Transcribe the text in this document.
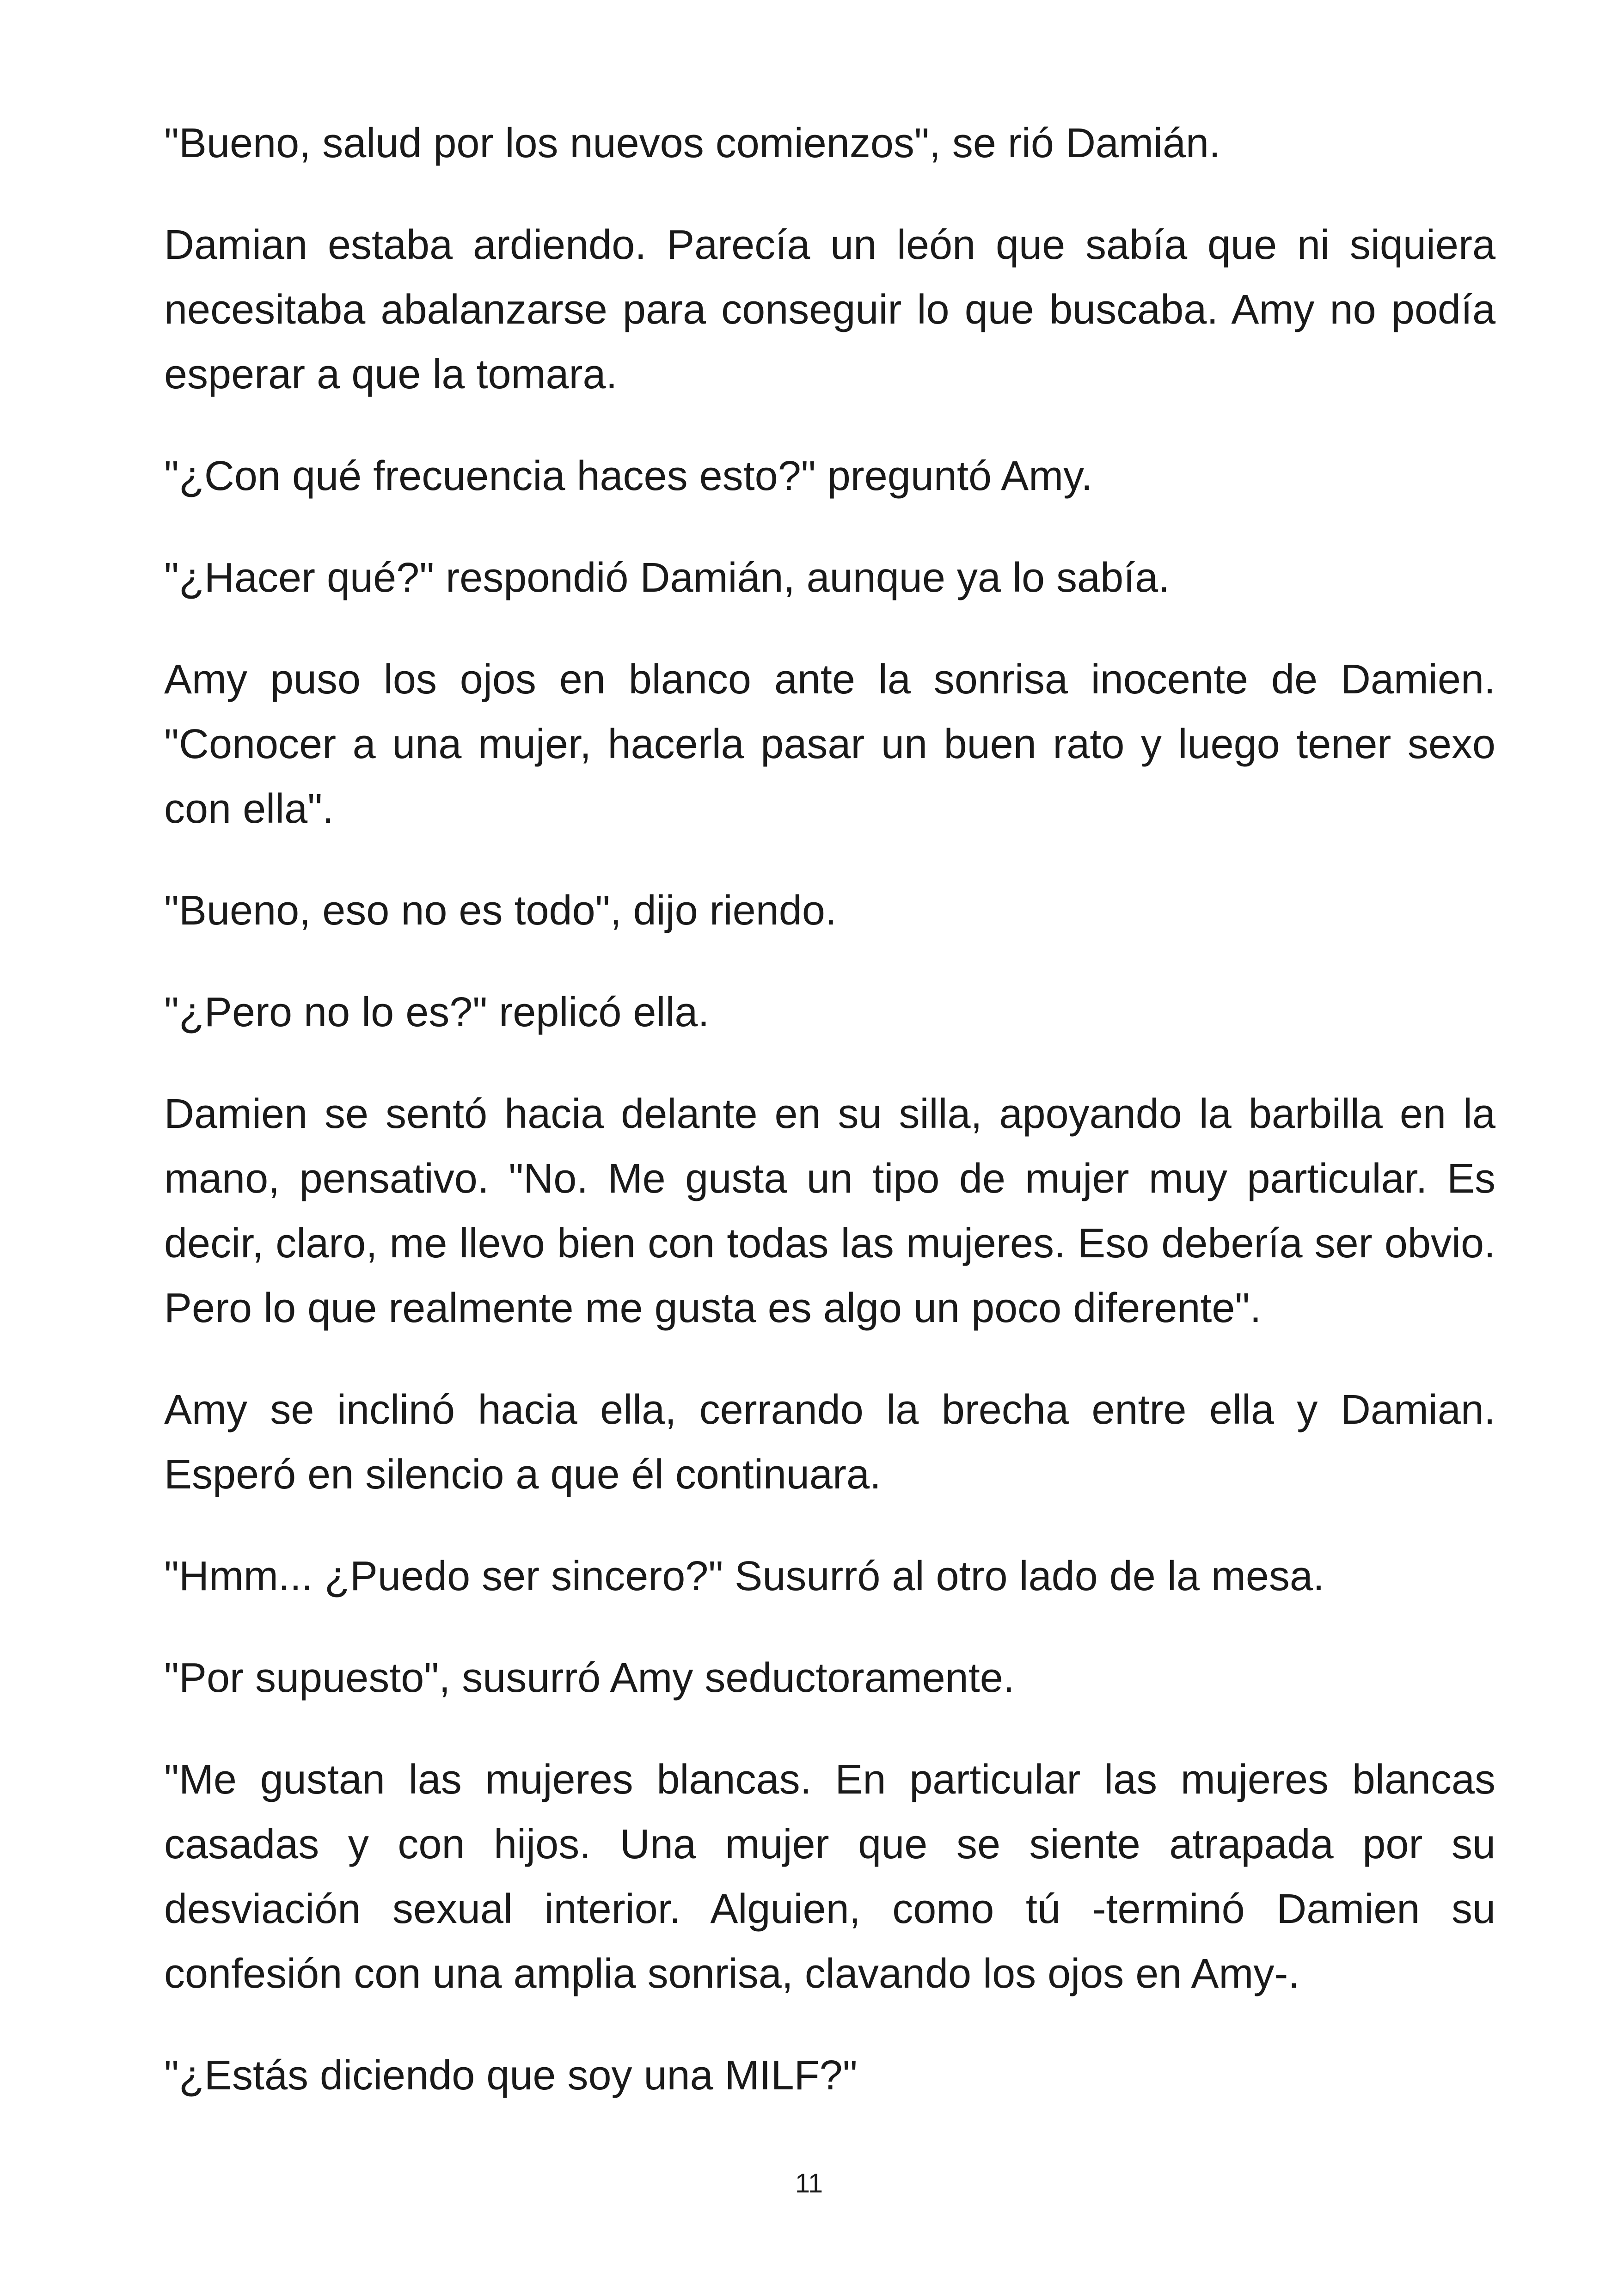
"Bueno, salud por los nuevos comienzos", se rió Damián.

Damian estaba ardiendo. Parecía un león que sabía que ni siquiera necesitaba abalanzarse para conseguir lo que buscaba. Amy no podía esperar a que la tomara.

"¿Con qué frecuencia haces esto?" preguntó Amy.

"¿Hacer qué?" respondió Damián, aunque ya lo sabía.

Amy puso los ojos en blanco ante la sonrisa inocente de Damien. "Conocer a una mujer, hacerla pasar un buen rato y luego tener sexo con ella".

"Bueno, eso no es todo", dijo riendo.

"¿Pero no lo es?" replicó ella.

Damien se sentó hacia delante en su silla, apoyando la barbilla en la mano, pensativo. "No. Me gusta un tipo de mujer muy particular. Es decir, claro, me llevo bien con todas las mujeres. Eso debería ser obvio. Pero lo que realmente me gusta es algo un poco diferente".

Amy se inclinó hacia ella, cerrando la brecha entre ella y Damian. Esperó en silencio a que él continuara.

"Hmm... ¿Puedo ser sincero?" Susurró al otro lado de la mesa.

"Por supuesto", susurró Amy seductoramente.

"Me gustan las mujeres blancas. En particular las mujeres blancas casadas y con hijos. Una mujer que se siente atrapada por su desviación sexual interior. Alguien, como tú -terminó Damien su confesión con una amplia sonrisa, clavando los ojos en Amy-.

"¿Estás diciendo que soy una MILF?"

11
